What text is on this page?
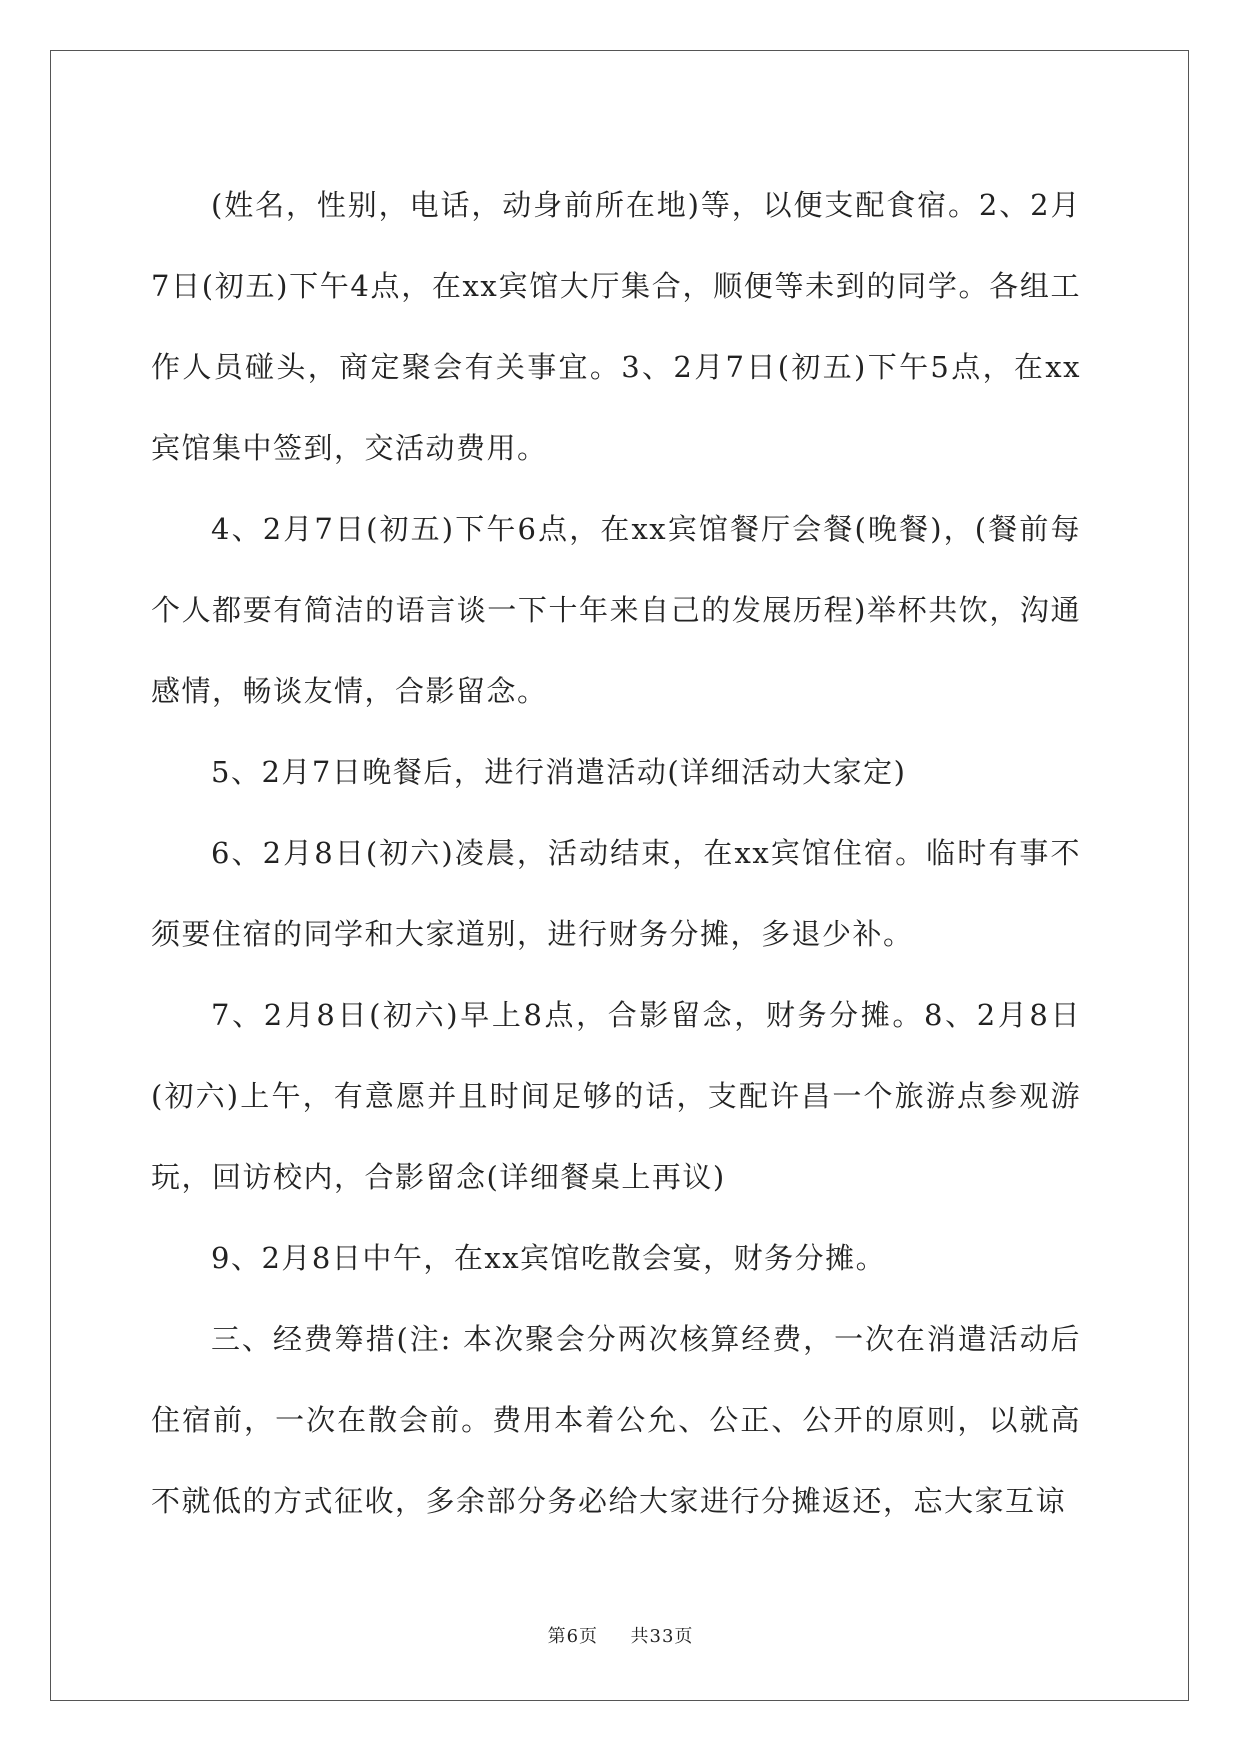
(姓名，性别，电话，动身前所在地)等，以便支配食宿。2、2月7日(初五)下午4点，在xx宾馆大厅集合，顺便等未到的同学。各组工作人员碰头，商定聚会有关事宜。3、2月7日(初五)下午5点，在xx宾馆集中签到，交活动费用。

4、2月7日(初五)下午6点，在xx宾馆餐厅会餐(晚餐)，(餐前每个人都要有简洁的语言谈一下十年来自己的发展历程)举杯共饮，沟通感情，畅谈友情，合影留念。

5、2月7日晚餐后，进行消遣活动(详细活动大家定)

6、2月8日(初六)凌晨，活动结束，在xx宾馆住宿。临时有事不须要住宿的同学和大家道别，进行财务分摊，多退少补。

7、2月8日(初六)早上8点，合影留念，财务分摊。8、2月8日(初六)上午，有意愿并且时间足够的话，支配许昌一个旅游点参观游玩，回访校内，合影留念(详细餐桌上再议)

9、2月8日中午，在xx宾馆吃散会宴，财务分摊。

三、经费筹措(注: 本次聚会分两次核算经费，一次在消遣活动后住宿前，一次在散会前。费用本着公允、公正、公开的原则，以就高不就低的方式征收，多余部分务必给大家进行分摊返还，忘大家互谅

第6页   共33页
